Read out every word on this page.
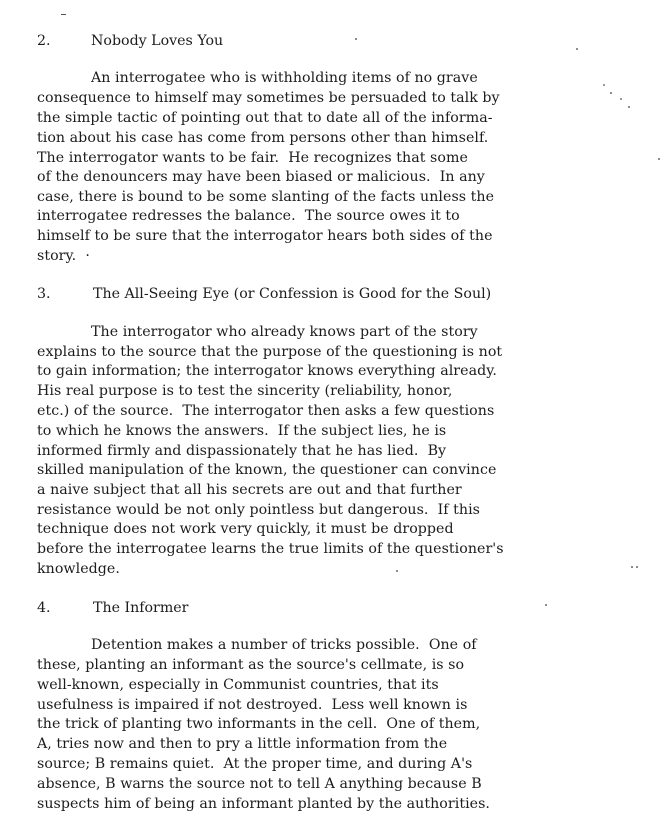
2.

	Nobody Loves You

An interrogatee who is withholding items of no grave
consequence to himself may sometimes be persuaded to talk by
the simple tactic of pointing out that to date all of the informa-
tion about his case has come from persons other than himself.
The interrogator wants to be fair.  He recognizes that some
of the denouncers may have been biased or malicious.  In any
case, there is bound to be some slanting of the facts unless the
interrogatee redresses the balance.  The source owes it to
himself to be sure that the interrogator hears both sides of the
story.  ·

3.

	The All-Seeing Eye (or Confession is Good for the Soul)

The interrogator who already knows part of the story
explains to the source that the purpose of the questioning is not
to gain information; the interrogator knows everything already.
His real purpose is to test the sincerity (reliability, honor,
etc.) of the source.  The interrogator then asks a few questions
to which he knows the answers.  If the subject lies, he is
informed firmly and dispassionately that he has lied.  By
skilled manipulation of the known, the questioner can convince
a naive subject that all his secrets are out and that further
resistance would be not only pointless but dangerous.  If this
technique does not work very quickly, it must be dropped
before the interrogatee learns the true limits of the questioner's
knowledge.

4.

	The Informer

Detention makes a number of tricks possible.  One of
these, planting an informant as the source's cellmate, is so
well-known, especially in Communist countries, that its
usefulness is impaired if not destroyed.  Less well known is
the trick of planting two informants in the cell.  One of them,
A, tries now and then to pry a little information from the
source; B remains quiet.  At the proper time, and during A's
absence, B warns the source not to tell A anything because B
suspects him of being an informant planted by the authorities.
